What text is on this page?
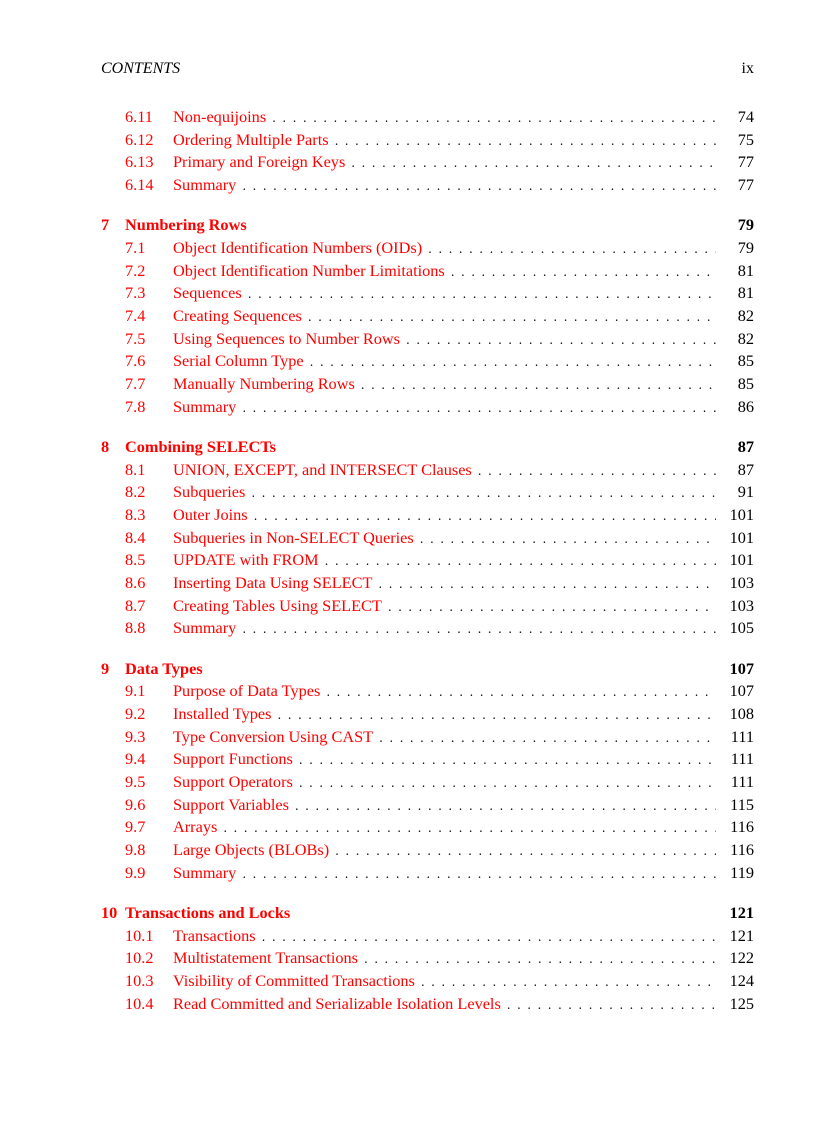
CONTENTS	ix
6.11 Non-equijoins . . .	74
6.12 Ordering Multiple Parts . . .	75
6.13 Primary and Foreign Keys . . .	77
6.14 Summary . . .	77
7 Numbering Rows	79
7.1 Object Identification Numbers (OIDs) . . .	79
7.2 Object Identification Number Limitations . . .	81
7.3 Sequences . . .	81
7.4 Creating Sequences . . .	82
7.5 Using Sequences to Number Rows . . .	82
7.6 Serial Column Type . . .	85
7.7 Manually Numbering Rows . . .	85
7.8 Summary . . .	86
8 Combining SELECTs	87
8.1 UNION, EXCEPT, and INTERSECT Clauses . . .	87
8.2 Subqueries . . .	91
8.3 Outer Joins . . .	101
8.4 Subqueries in Non-SELECT Queries . . .	101
8.5 UPDATE with FROM . . .	101
8.6 Inserting Data Using SELECT . . .	103
8.7 Creating Tables Using SELECT . . .	103
8.8 Summary . . .	105
9 Data Types	107
9.1 Purpose of Data Types . . .	107
9.2 Installed Types . . .	108
9.3 Type Conversion Using CAST . . .	111
9.4 Support Functions . . .	111
9.5 Support Operators . . .	111
9.6 Support Variables . . .	115
9.7 Arrays . . .	116
9.8 Large Objects (BLOBs) . . .	116
9.9 Summary . . .	119
10 Transactions and Locks	121
10.1 Transactions . . .	121
10.2 Multistatement Transactions . . .	122
10.3 Visibility of Committed Transactions . . .	124
10.4 Read Committed and Serializable Isolation Levels . . .	125
